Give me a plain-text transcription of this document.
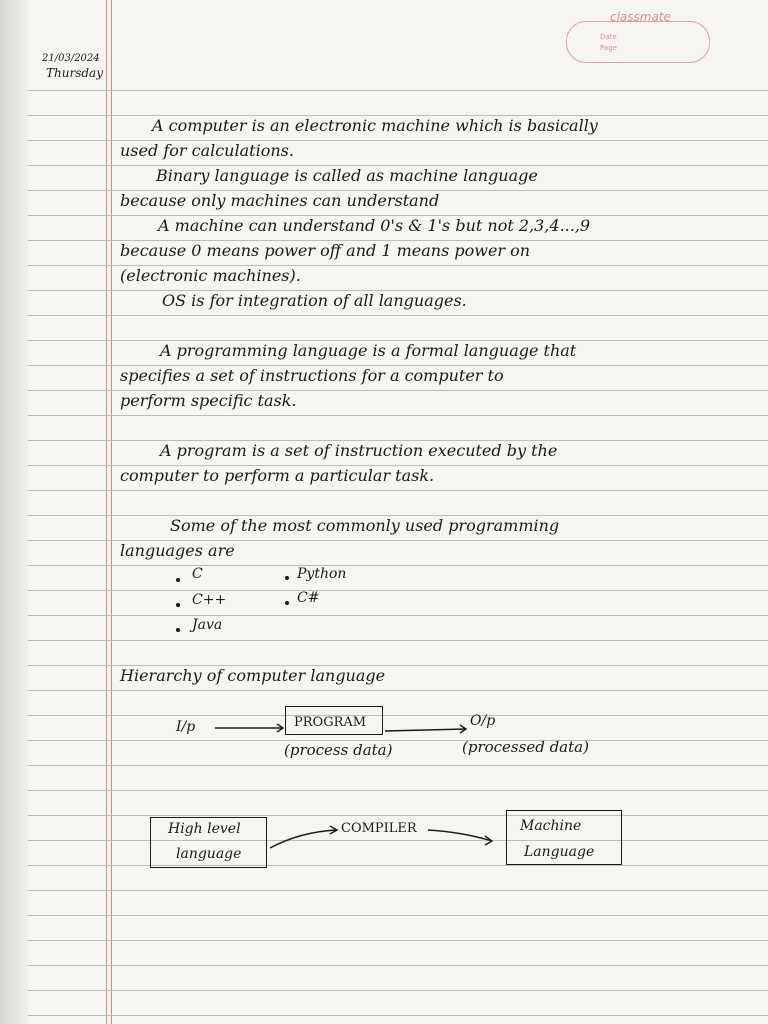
classmate
Date
Page
21/03/2024
Thursday
A computer is an electronic machine which is basically
used for calculations.
Binary language is called as machine language
because only machines can understand
A machine can understand 0's & 1's but not 2,3,4...,9
because 0 means power off and 1 means power on
(electronic machines).
OS is for integration of all languages.
A programming language is a formal language that
specifies a set of instructions for a computer to
perform specific task.
A program is a set of instruction executed by the
computer to perform a particular task.
Some of the most commonly used programming
languages are
C	Python
C++	C#
Java
Hierarchy of computer language
I/p	PROGRAM	O/p
(process data)	(processed data)
High level
language
COMPILER	Machine
Language
